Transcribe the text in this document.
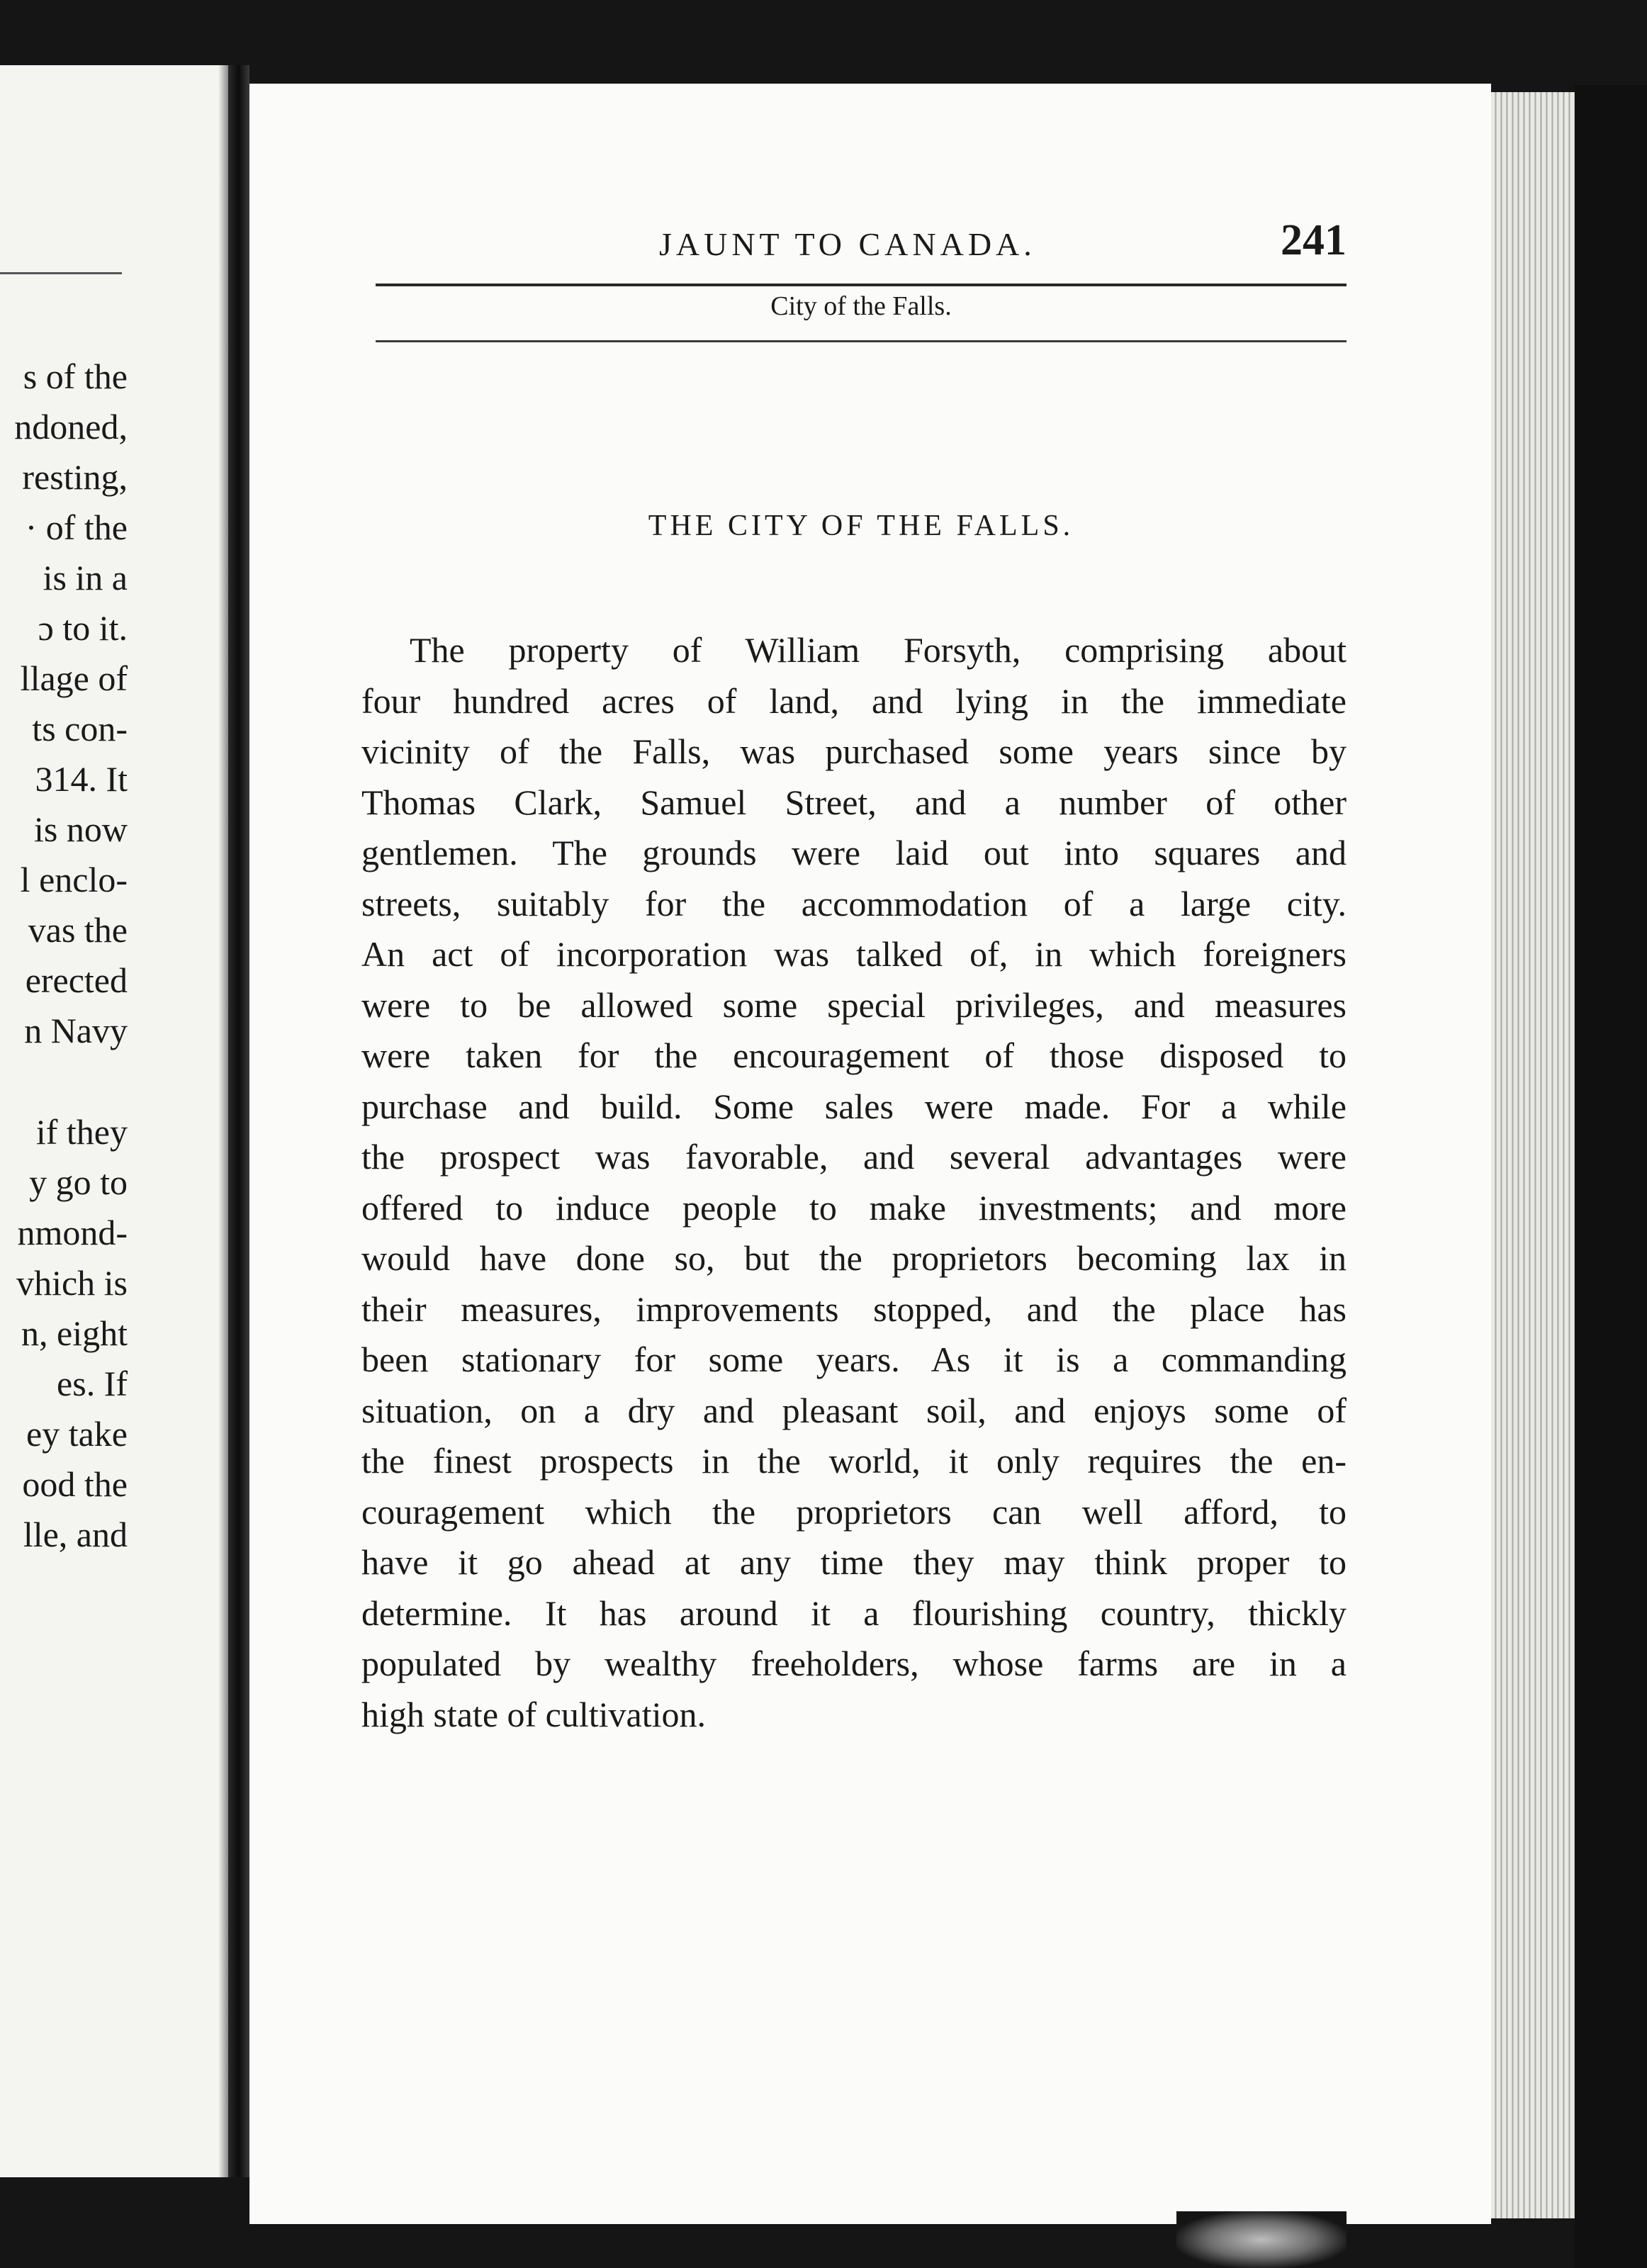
s of the
ndoned,
resting,
· of the
is in a
ɔ to it.
llage of
ts con-
314. It
is now
l enclo-
vas the
erected
n Navy
if they
y go to
nmond-
vhich is
n, eight
es. If
ey take
ood the
lle, and
JAUNT TO CANADA.	241
City of the Falls.
THE CITY OF THE FALLS.
The property of William Forsyth, comprising about
four hundred acres of land, and lying in the immediate
vicinity of the Falls, was purchased some years since by
Thomas Clark, Samuel Street, and a number of other
gentlemen. The grounds were laid out into squares and
streets, suitably for the accommodation of a large city.
An act of incorporation was talked of, in which foreigners
were to be allowed some special privileges, and measures
were taken for the encouragement of those disposed to
purchase and build. Some sales were made. For a while
the prospect was favorable, and several advantages were
offered to induce people to make investments; and more
would have done so, but the proprietors becoming lax in
their measures, improvements stopped, and the place has
been stationary for some years. As it is a commanding
situation, on a dry and pleasant soil, and enjoys some of
the finest prospects in the world, it only requires the en-
couragement which the proprietors can well afford, to
have it go ahead at any time they may think proper to
determine. It has around it a flourishing country, thickly
populated by wealthy freeholders, whose farms are in a
high state of cultivation.
